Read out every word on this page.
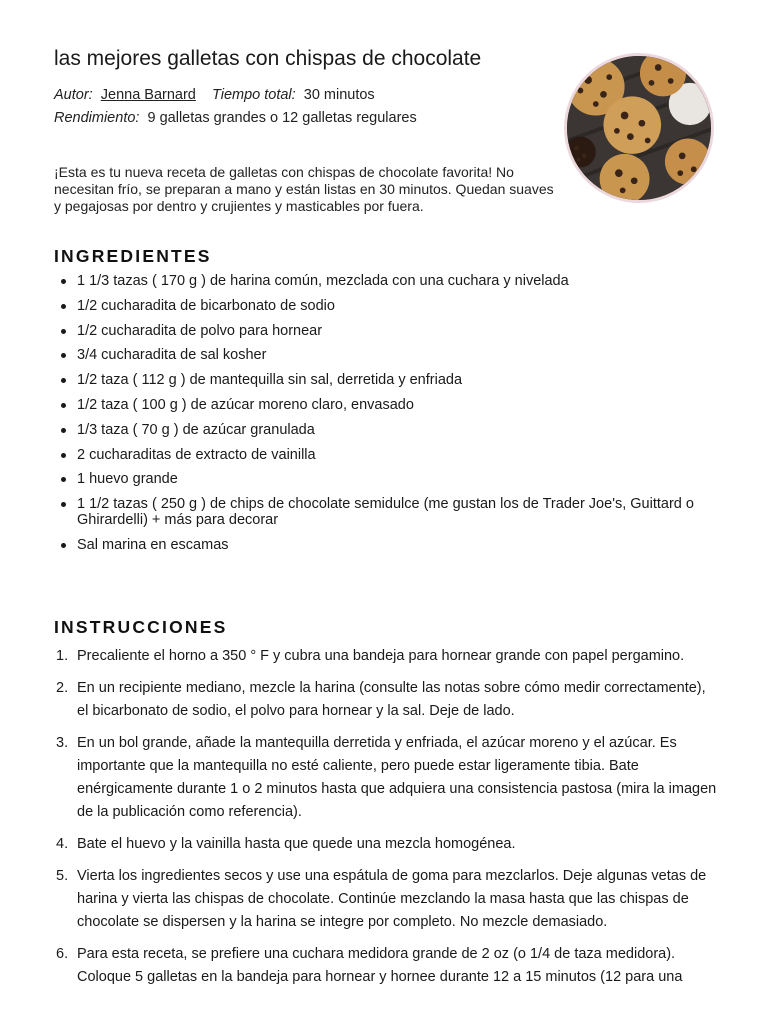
las mejores galletas con chispas de chocolate
Autor: Jenna Barnard Tiempo total: 30 minutos
Rendimiento: 9 galletas grandes o 12 galletas regulares

¡Esta es tu nueva receta de galletas con chispas de chocolate favorita! No necesitan frío, se preparan a mano y están listas en 30 minutos. Quedan suaves y pegajosas por dentro y crujientes y masticables por fuera.

INGREDIENTES
1 1/3 tazas ( 170 g ) de harina común, mezclada con una cuchara y nivelada
1/2 cucharadita de bicarbonato de sodio
1/2 cucharadita de polvo para hornear
3/4 cucharadita de sal kosher
1/2 taza ( 112 g ) de mantequilla sin sal, derretida y enfriada
1/2 taza ( 100 g ) de azúcar moreno claro, envasado
1/3 taza ( 70 g ) de azúcar granulada
2 cucharaditas de extracto de vainilla
1 huevo grande
1 1/2 tazas ( 250 g ) de chips de chocolate semidulce (me gustan los de Trader Joe's, Guittard o Ghirardelli) + más para decorar
Sal marina en escamas
INSTRUCCIONES
1. Precaliente el horno a 350 ° F y cubra una bandeja para hornear grande con papel pergamino.
2. En un recipiente mediano, mezcle la harina (consulte las notas sobre cómo medir correctamente), el bicarbonato de sodio, el polvo para hornear y la sal. Deje de lado.
3. En un bol grande, añade la mantequilla derretida y enfriada, el azúcar moreno y el azúcar. Es importante que la mantequilla no esté caliente, pero puede estar ligeramente tibia. Bate enérgicamente durante 1 o 2 minutos hasta que adquiera una consistencia pastosa (mira la imagen de la publicación como referencia).
4. Bate el huevo y la vainilla hasta que quede una mezcla homogénea.
5. Vierta los ingredientes secos y use una espátula de goma para mezclarlos. Deje algunas vetas de harina y vierta las chispas de chocolate. Continúe mezclando la masa hasta que las chispas de chocolate se dispersen y la harina se integre por completo. No mezcle demasiado.
6. Para esta receta, se prefiere una cuchara medidora grande de 2 oz (o 1/4 de taza medidora). Coloque 5 galletas en la bandeja para hornear y hornee durante 12 a 15 minutos (12 para una
